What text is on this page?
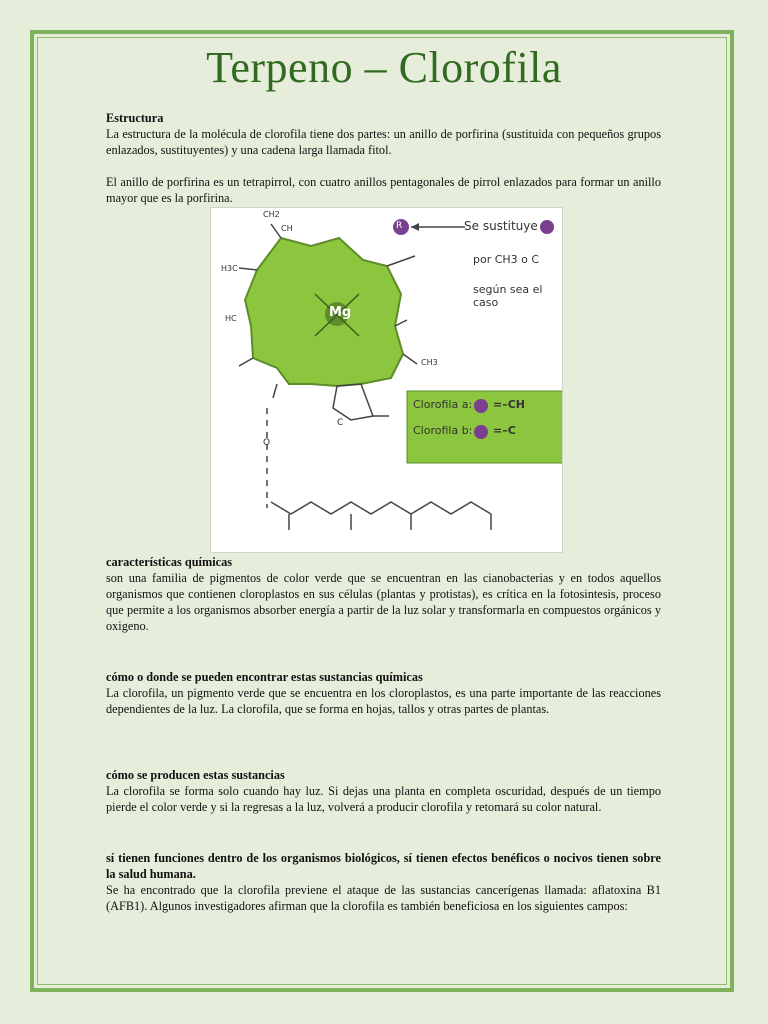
Terpeno – Clorofila

Estructura

La estructura de la molécula de clorofila tiene dos partes: un anillo de porfirina (sustituida con pequeños grupos enlazados, sustituyentes) y una cadena larga llamada fitol.

El anillo de porfirina es un tetrapirrol, con cuatro anillos pentagonales de pirrol enlazados para formar un anillo mayor que es la porfirina.

Mg
R	Se sustituye
por CH3 o C
según sea el caso
Clorofila a: =–CH
Clorofila b: =–C
CH2
CH
H3C
HC
CH3
O
C

características químicas

son una familia de pigmentos de color verde que se encuentran en las cianobacterias y en todos aquellos organismos que contienen cloroplastos en sus células (plantas y protistas), es crítica en la fotosintesis, proceso que permite a los organismos absorber energía a partir de la luz solar y transformarla en compuestos orgánicos y oxigeno.

cómo o donde se pueden encontrar estas sustancias químicas

La clorofila, un pigmento verde que se encuentra en los cloroplastos, es una parte importante de las reacciones dependientes de la luz. La clorofila, que se forma en hojas, tallos y otras partes de plantas.

cómo se producen estas sustancias

La clorofila se forma solo cuando hay luz. Si dejas una planta en completa oscuridad, después de un tiempo pierde el color verde y si la regresas a la luz, volverá a producir clorofila y retomará su color natural.

sí tienen funciones dentro de los organismos biológicos, sí tienen efectos benéficos o nocivos tienen sobre la salud humana.

Se ha encontrado que la clorofila previene el ataque de las sustancias cancerígenas llamada: aflatoxina B1 (AFB1). Algunos investigadores afirman que la clorofila es también beneficiosa en los siguientes campos:
